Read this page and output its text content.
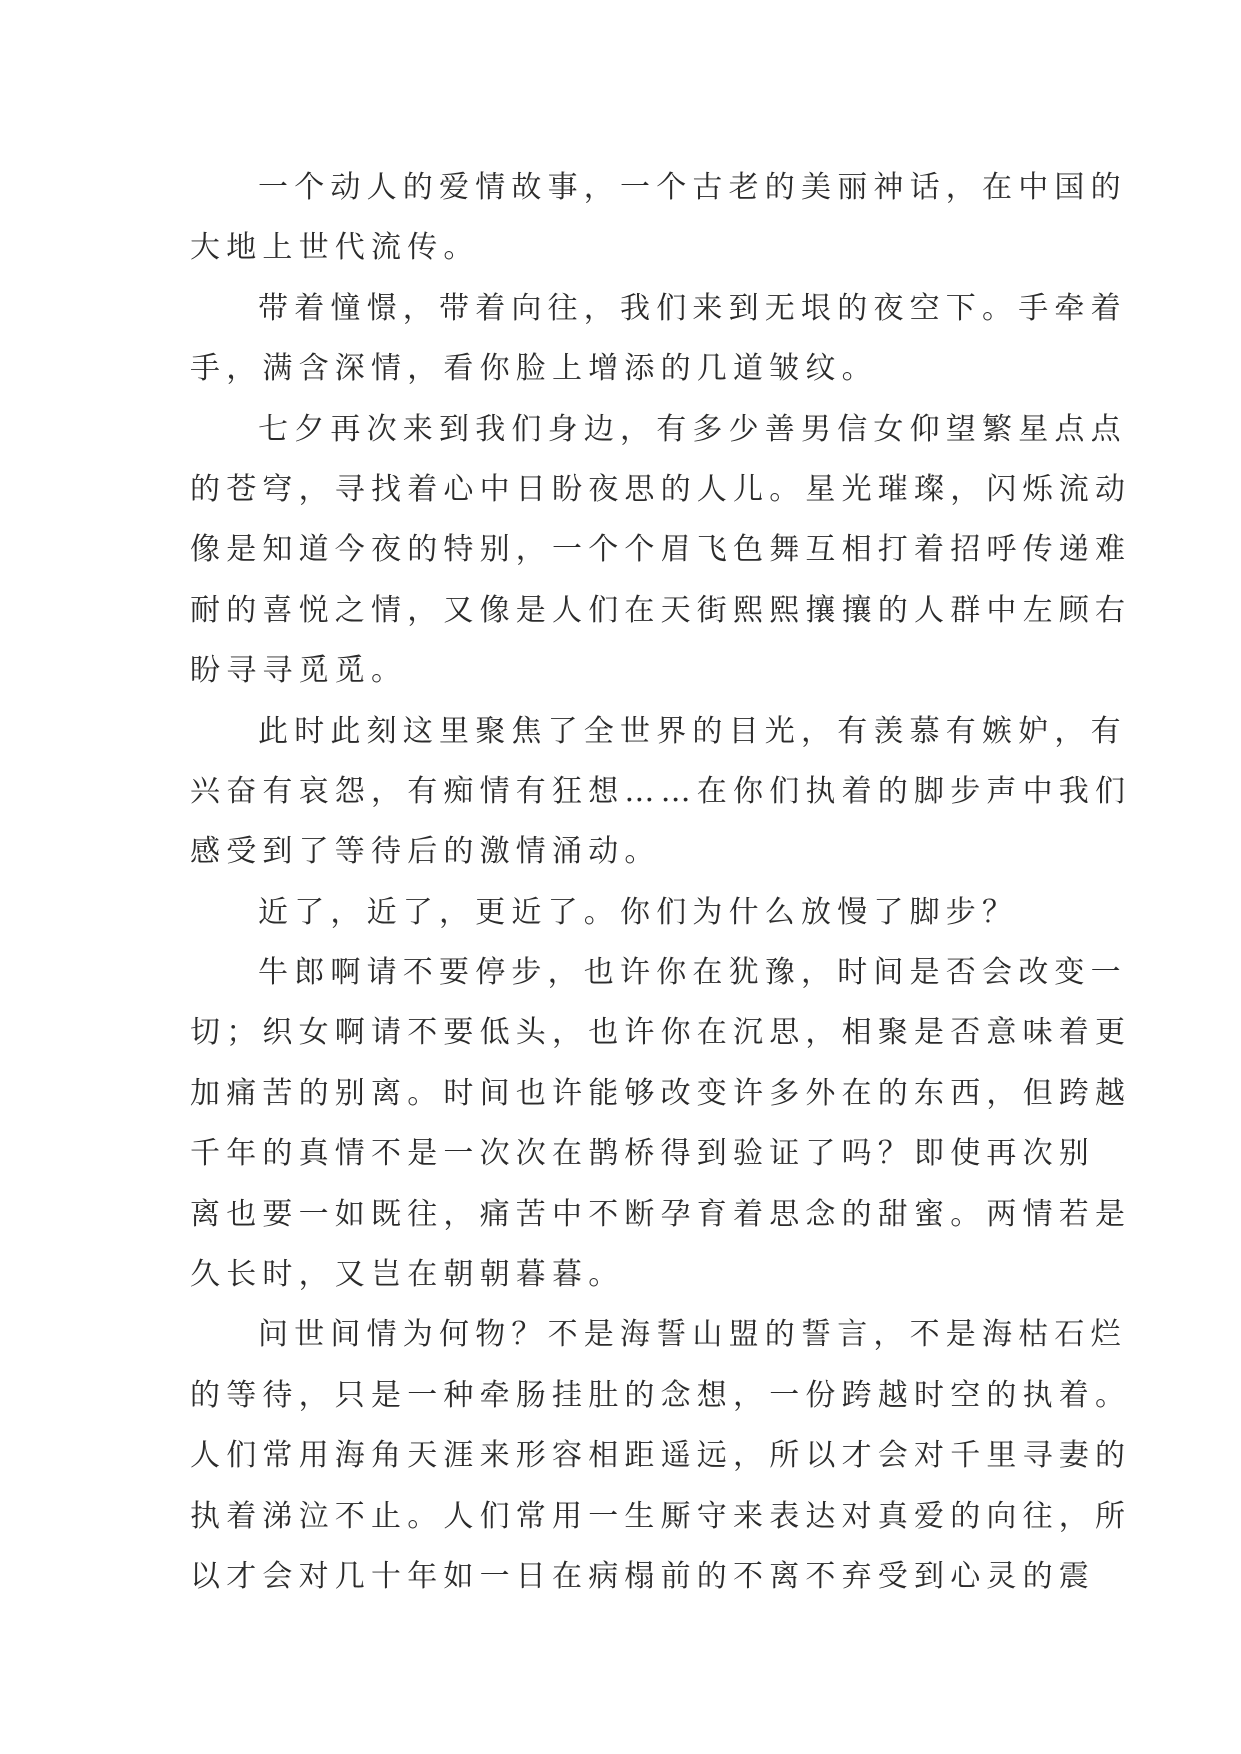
一个动人的爱情故事，一个古老的美丽神话，在中国的
大地上世代流传。
带着憧憬，带着向往，我们来到无垠的夜空下。手牵着
手，满含深情，看你脸上增添的几道皱纹。
七夕再次来到我们身边，有多少善男信女仰望繁星点点
的苍穹，寻找着心中日盼夜思的人儿。星光璀璨，闪烁流动
像是知道今夜的特别，一个个眉飞色舞互相打着招呼传递难
耐的喜悦之情，又像是人们在天街熙熙攘攘的人群中左顾右
盼寻寻觅觅。
此时此刻这里聚焦了全世界的目光，有羡慕有嫉妒，有
兴奋有哀怨，有痴情有狂想……在你们执着的脚步声中我们
感受到了等待后的激情涌动。
近了，近了，更近了。你们为什么放慢了脚步？
牛郎啊请不要停步，也许你在犹豫，时间是否会改变一
切；织女啊请不要低头，也许你在沉思，相聚是否意味着更
加痛苦的别离。时间也许能够改变许多外在的东西，但跨越
千年的真情不是一次次在鹊桥得到验证了吗？即使再次别
离也要一如既往，痛苦中不断孕育着思念的甜蜜。两情若是
久长时，又岂在朝朝暮暮。
问世间情为何物？不是海誓山盟的誓言，不是海枯石烂
的等待，只是一种牵肠挂肚的念想，一份跨越时空的执着。
人们常用海角天涯来形容相距遥远，所以才会对千里寻妻的
执着涕泣不止。人们常用一生厮守来表达对真爱的向往，所
以才会对几十年如一日在病榻前的不离不弃受到心灵的震
